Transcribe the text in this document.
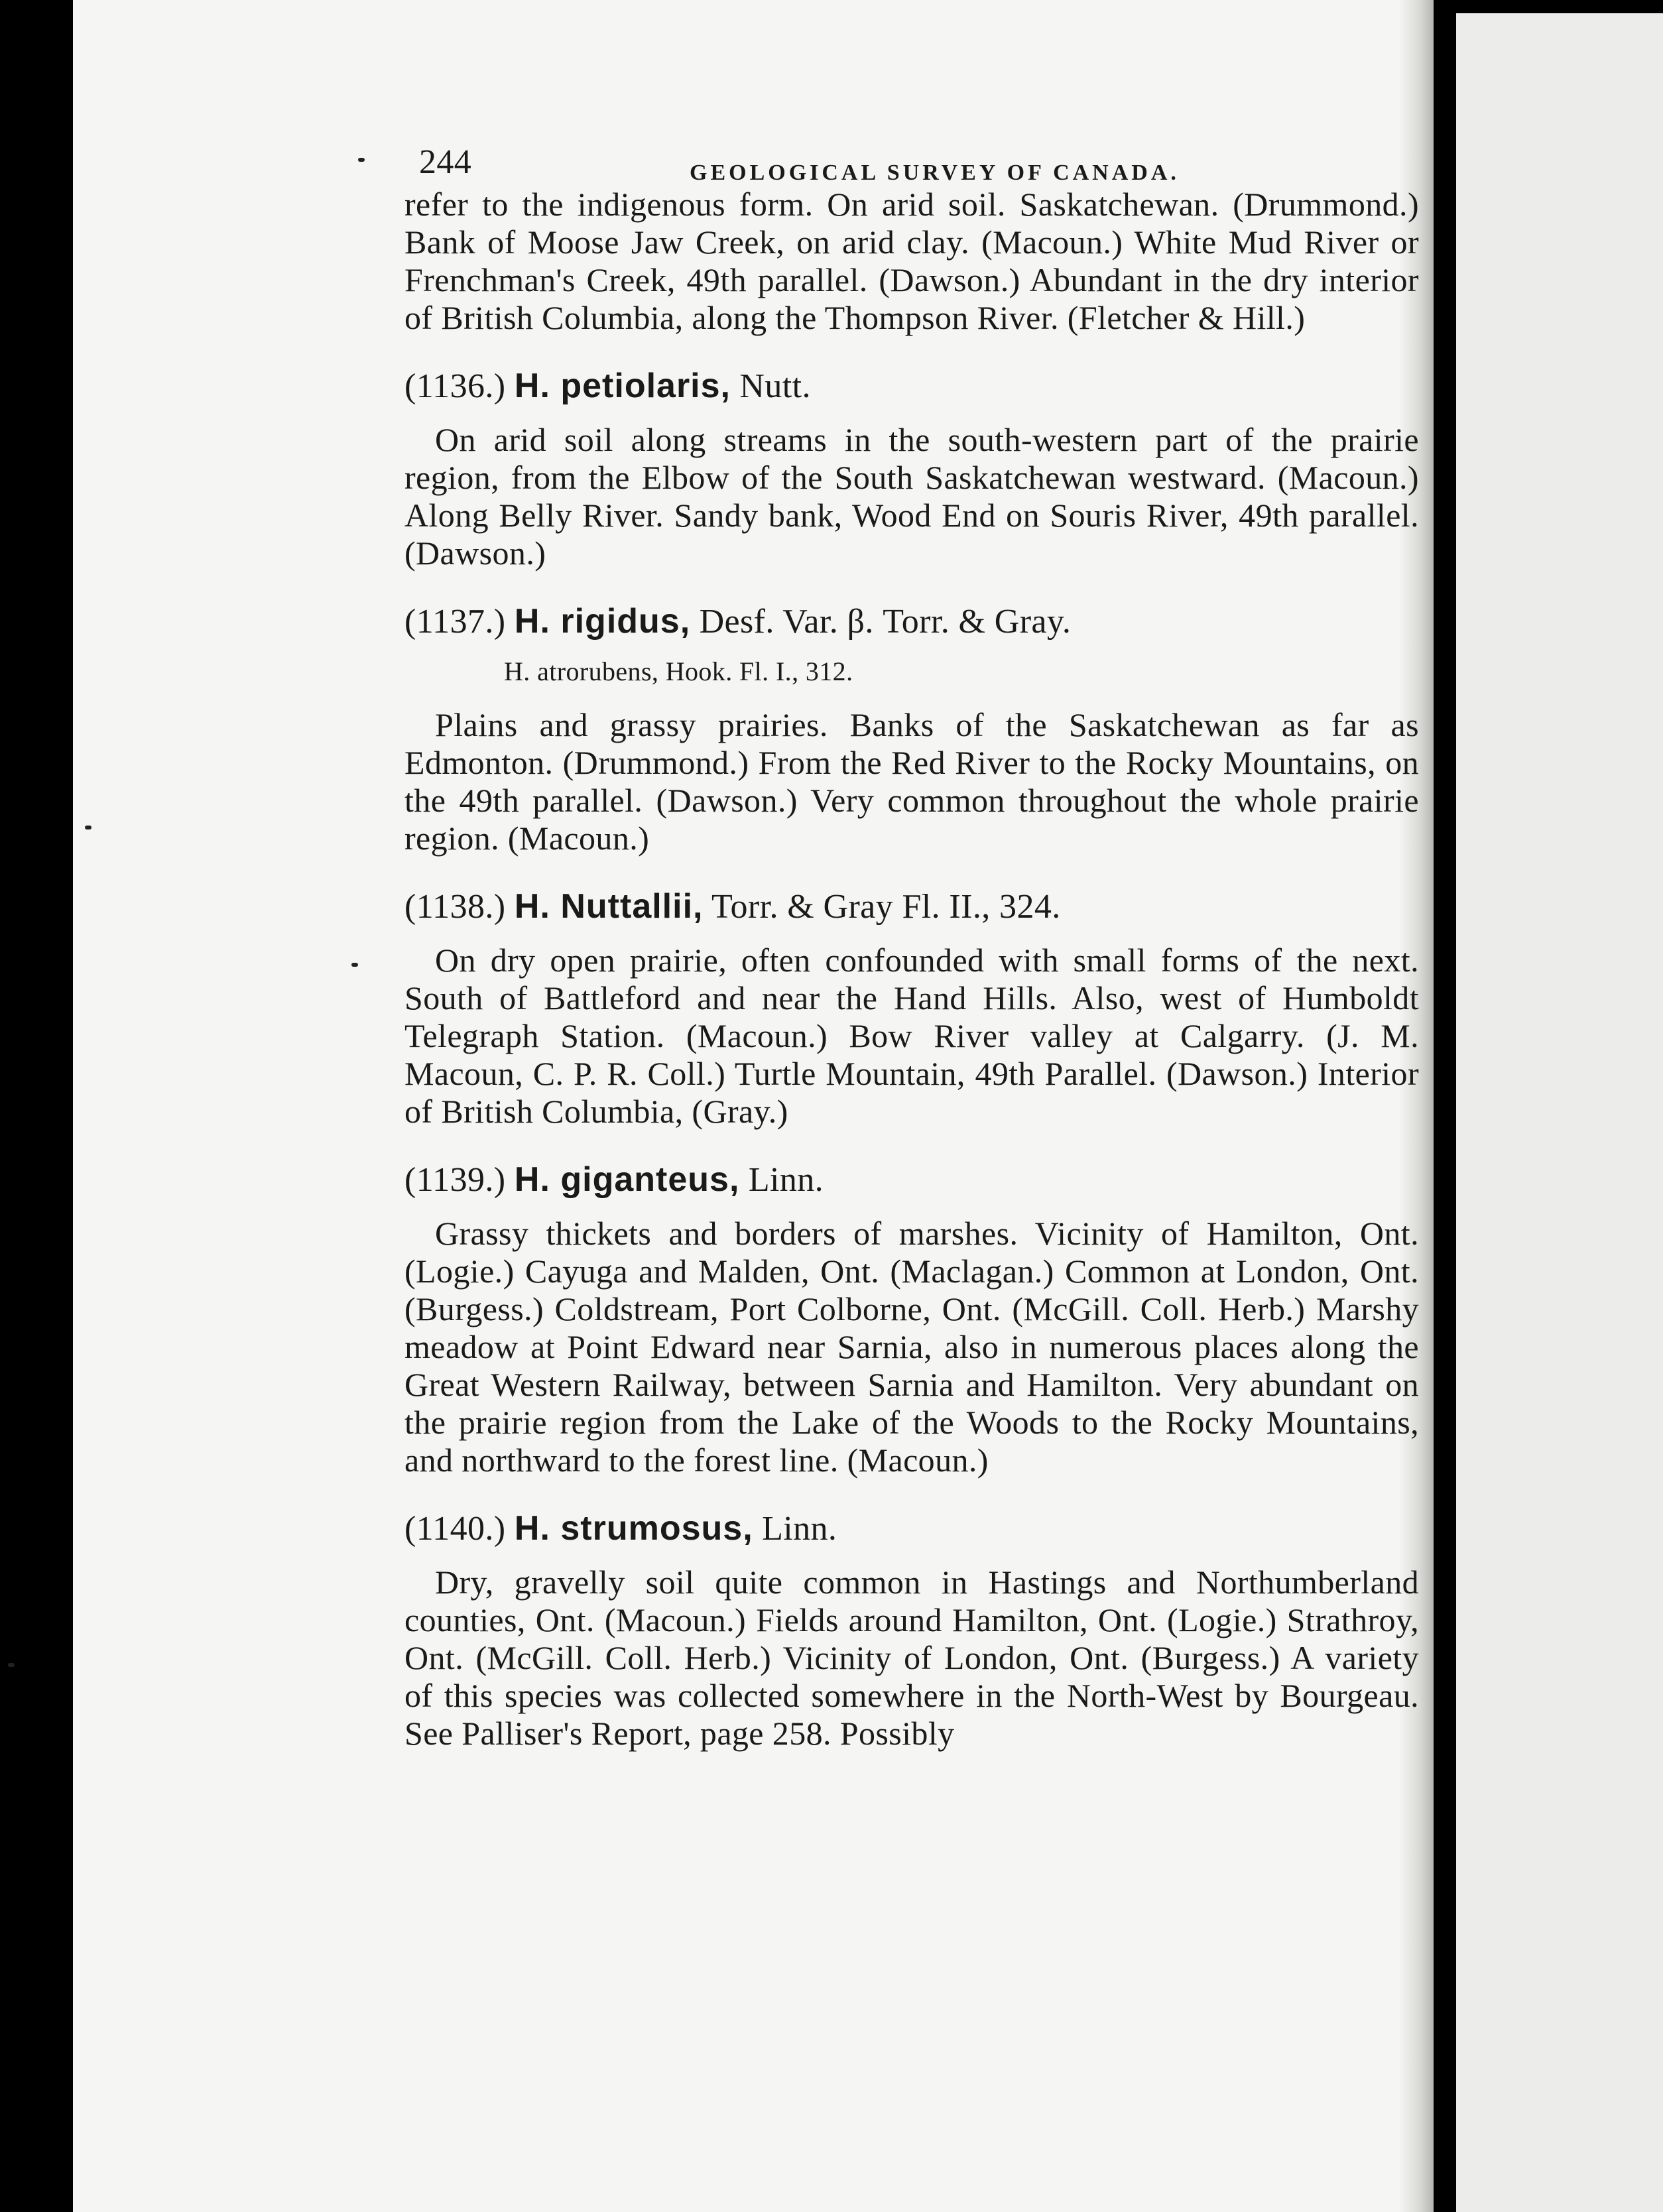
244	GEOLOGICAL SURVEY OF CANADA.

refer to the indigenous form. On arid soil. Saskatchewan. (Drummond.) Bank of Moose Jaw Creek, on arid clay. (Macoun.) White Mud River or Frenchman's Creek, 49th parallel. (Dawson.) Abundant in the dry interior of British Columbia, along the Thompson River. (Fletcher & Hill.)

(1136.) H. petiolaris, Nutt.

On arid soil along streams in the south-western part of the prairie region, from the Elbow of the South Saskatchewan westward. (Macoun.) Along Belly River. Sandy bank, Wood End on Souris River, 49th parallel. (Dawson.)

(1137.) H. rigidus, Desf. Var. β. Torr. & Gray.

H. atrorubens, Hook. Fl. I., 312.

Plains and grassy prairies. Banks of the Saskatchewan as far as Edmonton. (Drummond.) From the Red River to the Rocky Mountains, on the 49th parallel. (Dawson.) Very common throughout the whole prairie region. (Macoun.)

(1138.) H. Nuttallii, Torr. & Gray Fl. II., 324.

On dry open prairie, often confounded with small forms of the next. South of Battleford and near the Hand Hills. Also, west of Humboldt Telegraph Station. (Macoun.) Bow River valley at Calgarry. (J. M. Macoun, C. P. R. Coll.) Turtle Mountain, 49th Parallel. (Dawson.) Interior of British Columbia, (Gray.)

(1139.) H. giganteus, Linn.

Grassy thickets and borders of marshes. Vicinity of Hamilton, Ont. (Logie.) Cayuga and Malden, Ont. (Maclagan.) Common at London, Ont. (Burgess.) Coldstream, Port Colborne, Ont. (McGill. Coll. Herb.) Marshy meadow at Point Edward near Sarnia, also in numerous places along the Great Western Railway, between Sarnia and Hamilton. Very abundant on the prairie region from the Lake of the Woods to the Rocky Mountains, and northward to the forest line. (Macoun.)

(1140.) H. strumosus, Linn.

Dry, gravelly soil quite common in Hastings and Northumberland counties, Ont. (Macoun.) Fields around Hamilton, Ont. (Logie.) Strathroy, Ont. (McGill. Coll. Herb.) Vicinity of London, Ont. (Burgess.) A variety of this species was collected somewhere in the North-West by Bourgeau. See Palliser's Report, page 258. Possibly
